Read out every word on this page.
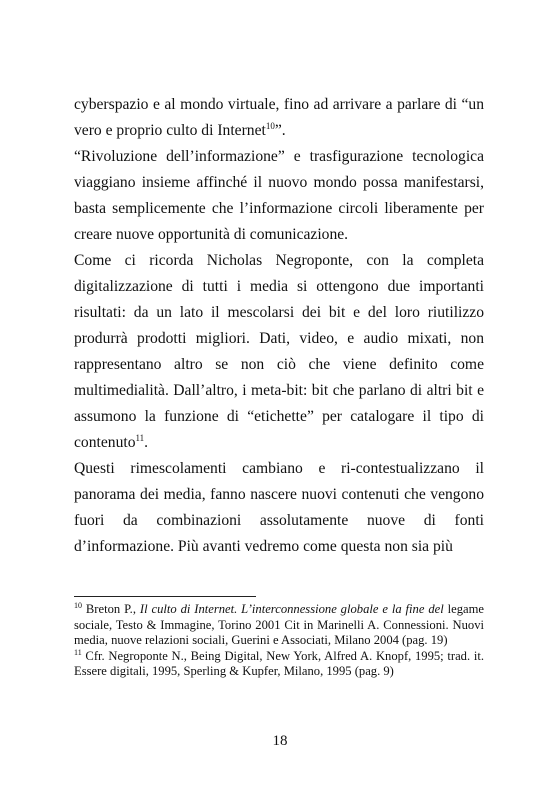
cyberspazio e al mondo virtuale, fino ad arrivare a parlare di “un vero e proprio culto di Internet$^{10}$”.

“Rivoluzione dell’informazione” e trasfigurazione tecnologica viaggiano insieme affinché il nuovo mondo possa manifestarsi, basta semplicemente che l’informazione circoli liberamente per creare nuove opportunità di comunicazione.

Come ci ricorda Nicholas Negroponte, con la completa digitalizzazione di tutti i media si ottengono due importanti risultati: da un lato il mescolarsi dei bit e del loro riutilizzo produrrà prodotti migliori. Dati, video, e audio mixati, non rappresentano altro se non ciò che viene definito come multimedialità. Dall’altro, i meta-bit: bit che parlano di altri bit e assumono la funzione di “etichette” per catalogare il tipo di contenuto$^{11}$.

Questi rimescolamenti cambiano e ri-contestualizzano il panorama dei media, fanno nascere nuovi contenuti che vengono fuori da combinazioni assolutamente nuove di fonti d’informazione. Più avanti vedremo come questa non sia più

$^{10}$ Breton P., Il culto di Internet. L’interconnessione globale e la fine del legame sociale, Testo & Immagine, Torino 2001 Cit in Marinelli A. Connessioni. Nuovi media, nuove relazioni sociali, Guerini e Associati, Milano 2004 (pag. 19)

$^{11}$ Cfr. Negroponte N., Being Digital, New York, Alfred A. Knopf, 1995; trad. it. Essere digitali, 1995, Sperling & Kupfer, Milano, 1995 (pag. 9)

18
